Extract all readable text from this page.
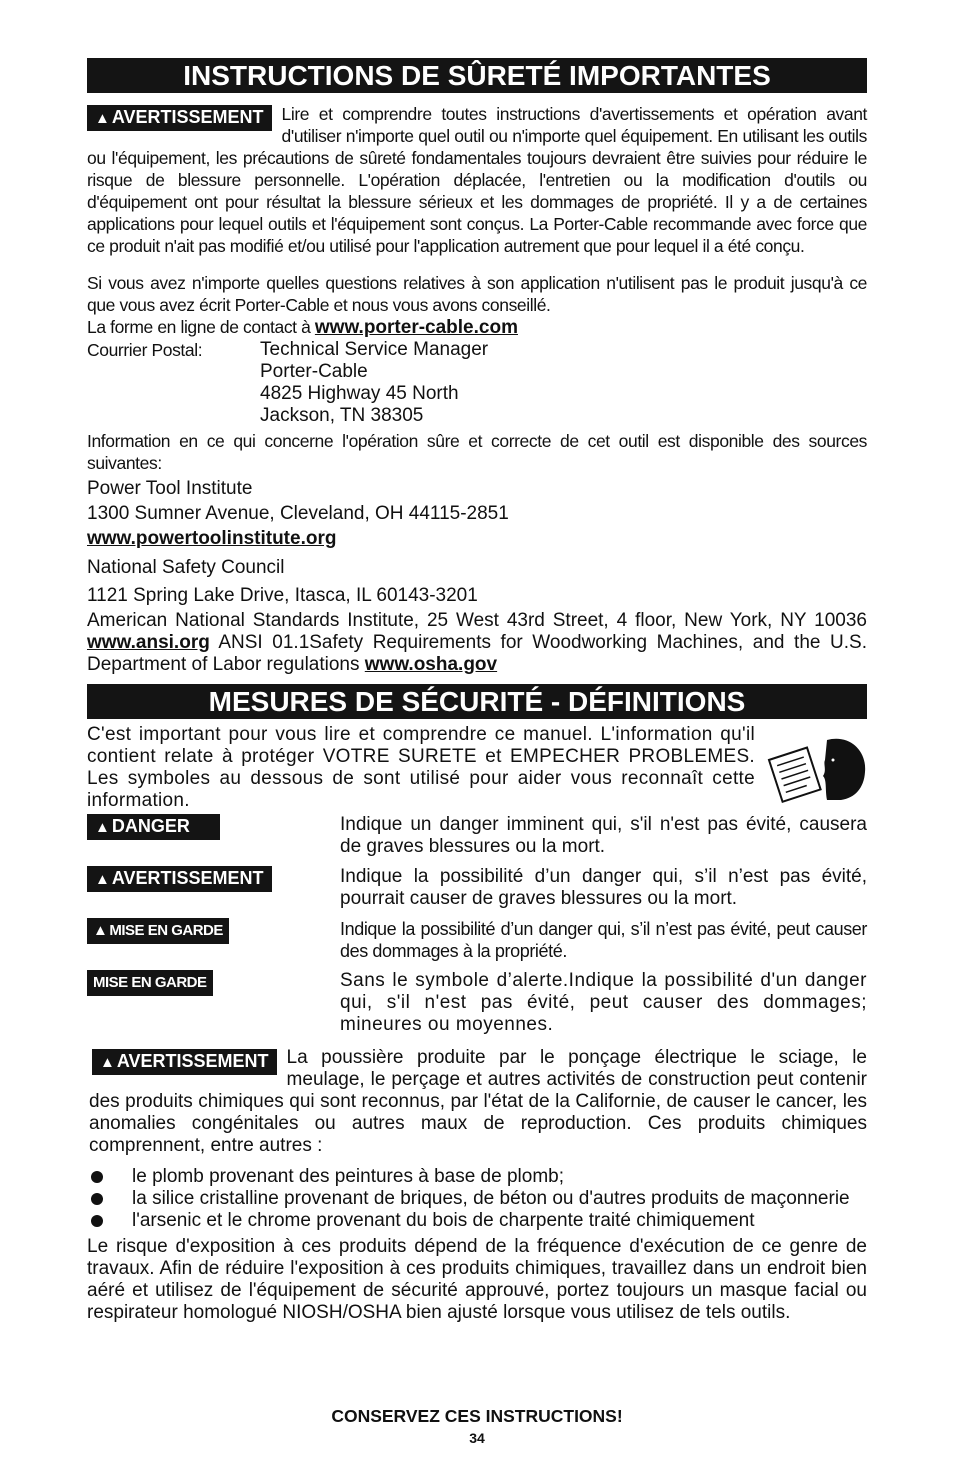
INSTRUCTIONS DE SÛRETÉ IMPORTANTES
▲ AVERTISSEMENT	Lire et comprendre toutes instructions d'avertissements et opération avant d'utiliser n'importe quel outil ou n'importe quel équipement. En utilisant les outils ou l'équipement, les précautions de sûreté fondamentales toujours devraient être suivies pour réduire le risque de blessure personnelle. L'opération déplacée, l'entretien ou la modification d'outils ou d'équipement ont pour résultat la blessure sérieux et les dommages de propriété. Il y a de certaines applications pour lequel outils et l'équipement sont conçus. La Porter-Cable recommande avec force que ce produit n'ait pas modifié et/ou utilisé pour l'application autrement que pour lequel il a été conçu.

Si vous avez n'importe quelles questions relatives à son application n'utilisent pas le produit jusqu'à ce que vous avez écrit Porter-Cable et nous vous avons conseillé.

La forme en ligne de contact à www.porter-cable.com

Courrier Postal:	Technical Service Manager
Porter-Cable
4825 Highway 45 North
Jackson, TN 38305

Information en ce qui concerne l'opération sûre et correcte de cet outil est disponible des sources suivantes:

Power Tool Institute

1300 Sumner Avenue, Cleveland, OH 44115-2851

www.powertoolinstitute.org

National Safety Council

1121 Spring Lake Drive, Itasca, IL 60143-3201

American National Standards Institute, 25 West 43rd Street, 4 floor, New York, NY 10036 www.ansi.org ANSI 01.1Safety Requirements for Woodworking Machines, and the U.S. Department of Labor regulations www.osha.gov

MESURES DE SÉCURITÉ - DÉFINITIONS

C'est important pour vous lire et comprendre ce manuel. L'information qu'il contient relate à protéger VOTRE SURETE et EMPECHER PROBLEMES. Les symboles au dessous de sont utilisé pour aider vous reconnaît cette information.

▲ DANGER	Indique un danger imminent qui, s'il n'est pas évité, causera de graves blessures ou la mort.

▲ AVERTISSEMENT	Indique la possibilité d’un danger qui, s’il n’est pas évité, pourrait causer de graves blessures ou la mort.

▲ MISE EN GARDE	Indique la possibilité d’un danger qui, s’il n’est pas évité, peut causer des dommages à la propriété.

MISE EN GARDE	Sans le symbole d’alerte.Indique la possibilité d'un danger qui, s'il n'est pas évité, peut causer des dommages; mineures ou moyennes.

▲ AVERTISSEMENT La poussière produite par le ponçage électrique le sciage, le meulage, le perçage et autres activités de construction peut contenir des produits chimiques qui sont reconnus, par l'état de la Californie, de causer le cancer, les anomalies congénitales ou autres maux de reproduction. Ces produits chimiques comprennent, entre autres :

le plomb provenant des peintures à base de plomb;
la silice cristalline provenant de briques, de béton ou d'autres produits de maçonnerie
l'arsenic et le chrome provenant du bois de charpente traité chimiquement

Le risque d'exposition à ces produits dépend de la fréquence d'exécution de ce genre de travaux. Afin de réduire l'exposition à ces produits chimiques, travaillez dans un endroit bien aéré et utilisez de l'équipement de sécurité approuvé, portez toujours un masque facial ou respirateur homologué NIOSH/OSHA bien ajusté lorsque vous utilisez de tels outils.

CONSERVEZ CES INSTRUCTIONS!
34
